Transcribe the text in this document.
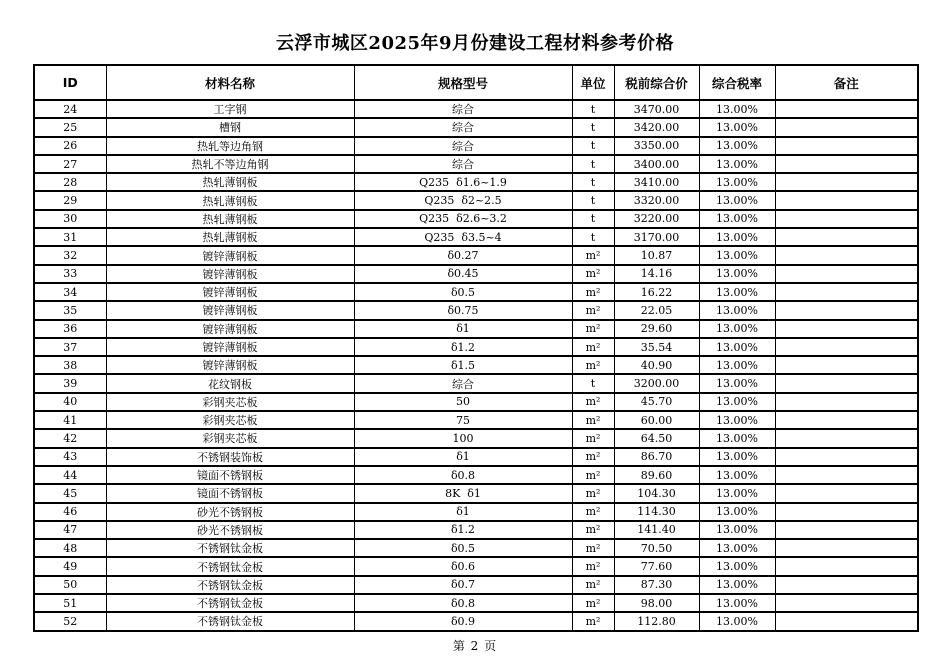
云浮市城区2025年9月份建设工程材料参考价格
ID	材料名称	规格型号	单位	税前综合价	综合税率	备注
24	工字钢	综合	t	3470.00	13.00%	
25	槽钢	综合	t	3420.00	13.00%	
26	热轧等边角钢	综合	t	3350.00	13.00%	
27	热轧不等边角钢	综合	t	3400.00	13.00%	
28	热轧薄钢板	Q235  δ1.6~1.9	t	3410.00	13.00%	
29	热轧薄钢板	Q235  δ2~2.5	t	3320.00	13.00%	
30	热轧薄钢板	Q235  δ2.6~3.2	t	3220.00	13.00%	
31	热轧薄钢板	Q235  δ3.5~4	t	3170.00	13.00%	
32	镀锌薄钢板	δ0.27	m²	10.87	13.00%	
33	镀锌薄钢板	δ0.45	m²	14.16	13.00%	
34	镀锌薄钢板	δ0.5	m²	16.22	13.00%	
35	镀锌薄钢板	δ0.75	m²	22.05	13.00%	
36	镀锌薄钢板	δ1	m²	29.60	13.00%	
37	镀锌薄钢板	δ1.2	m²	35.54	13.00%	
38	镀锌薄钢板	δ1.5	m²	40.90	13.00%	
39	花纹钢板	综合	t	3200.00	13.00%	
40	彩钢夹芯板	50	m²	45.70	13.00%	
41	彩钢夹芯板	75	m²	60.00	13.00%	
42	彩钢夹芯板	100	m²	64.50	13.00%	
43	不锈钢装饰板	δ1	m²	86.70	13.00%	
44	镜面不锈钢板	δ0.8	m²	89.60	13.00%	
45	镜面不锈钢板	8K  δ1	m²	104.30	13.00%	
46	砂光不锈钢板	δ1	m²	114.30	13.00%	
47	砂光不锈钢板	δ1.2	m²	141.40	13.00%	
48	不锈钢钛金板	δ0.5	m²	70.50	13.00%	
49	不锈钢钛金板	δ0.6	m²	77.60	13.00%	
50	不锈钢钛金板	δ0.7	m²	87.30	13.00%	
51	不锈钢钛金板	δ0.8	m²	98.00	13.00%	
52	不锈钢钛金板	δ0.9	m²	112.80	13.00%	
第 2 页
